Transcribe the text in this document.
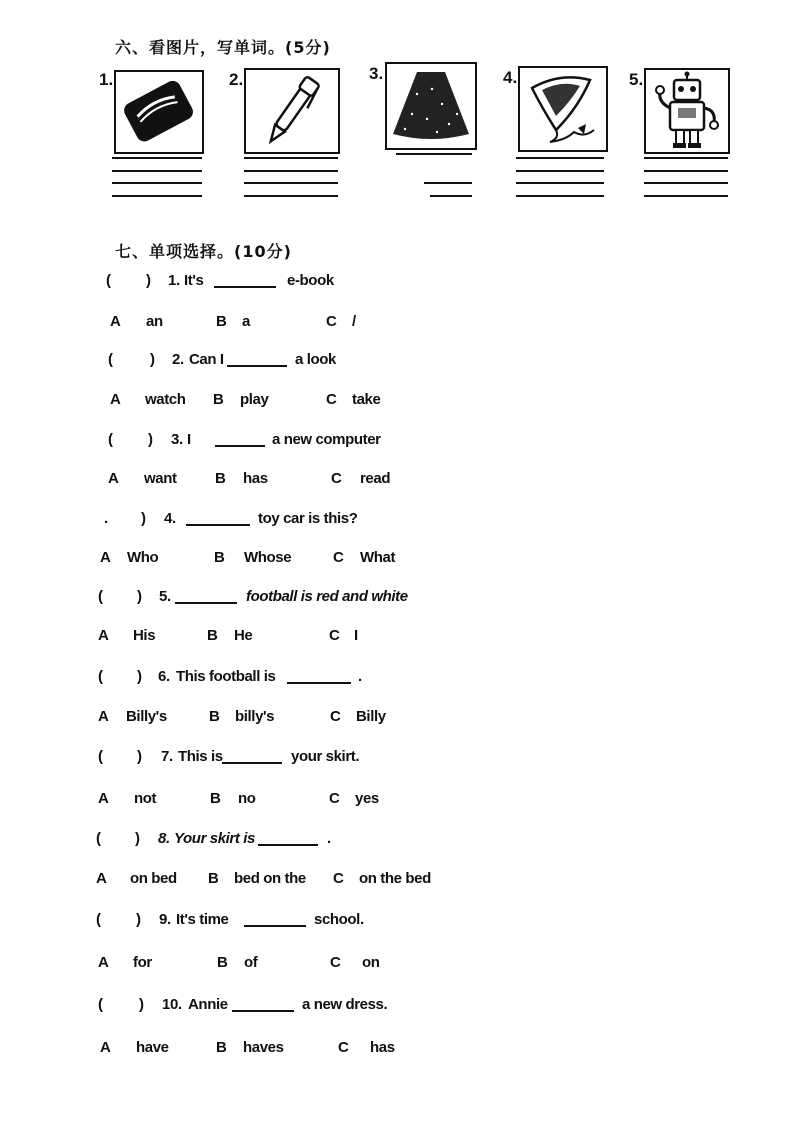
六、看图片，写单词。(5分)
1.	2.	3.	4.	5.
七、单项选择。(10分)
( ) 1. It's	e-book
A an	B a	C /
( ) 2. Can I	a look
A watch B play	C take
( ) 3. I	a new computer
A want	B has	C read
. ) 4.	toy car is this?
A Who	B Whose	C What
( ) 5.	football is red and white
A His	B He	C I
( ) 6. This football is	.
A Billy's	B billy's	C Billy
( ) 7. This is	your skirt.
A not	B no	C yes
( ) 8. Your skirt is	.
A on bed B bed on the C on the bed
( ) 9. It's time	school.
A for	B of	C on
( ) 10. Annie	a new dress.
A have	B haves	C has
